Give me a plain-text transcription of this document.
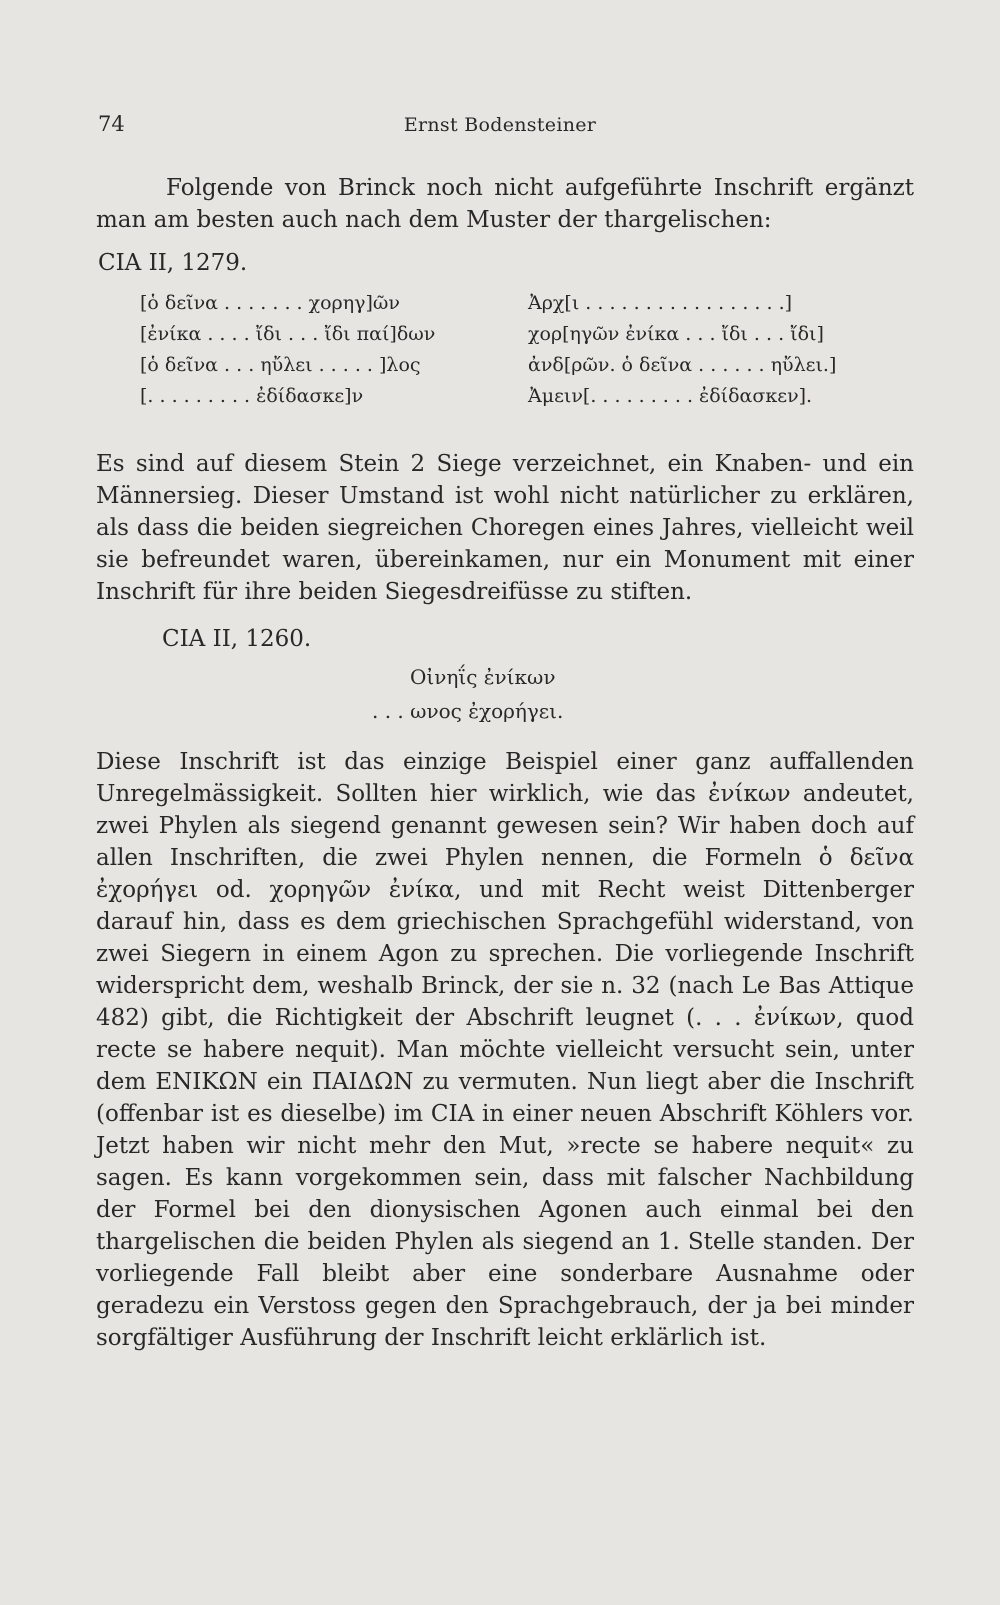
74	Ernst Bodensteiner

Folgende von Brinck noch nicht aufgeführte Inschrift ergänzt man am besten auch nach dem Muster der thargelischen:

CIA II, 1279.
[ὁ δεῖνα . . . . . . . χορηγ]ῶν	Ἀρχ[ι . . . . . . . . . . . . . . . . .]
[ἐνίκα . . . . ἴδι . . . ἴδι παί]δων	χορ[ηγῶν ἐνίκα . . . ἴδι . . . ἴδι]
[ὁ δεῖνα . . . ηὔλει . . . . . ]λος	ἀνδ[ρῶν. ὁ δεῖνα . . . . . . ηὔλει.]
[. . . . . . . . . ἐδίδασκε]ν	Ἀμειν[. . . . . . . . . ἐδίδασκεν].

Es sind auf diesem Stein 2 Siege verzeichnet, ein Knaben- und ein Männersieg. Dieser Umstand ist wohl nicht natürlicher zu erklären, als dass die beiden siegreichen Choregen eines Jahres, vielleicht weil sie befreundet waren, übereinkamen, nur ein Monument mit einer Inschrift für ihre beiden Siegesdreifüsse zu stiften.

CIA II, 1260.
Οἰνηΐς ἐνίκων
. . . ωνος ἐχορήγει.

Diese Inschrift ist das einzige Beispiel einer ganz auffallenden Unregelmässigkeit. Sollten hier wirklich, wie das ἐνίκων andeutet, zwei Phylen als siegend genannt gewesen sein? Wir haben doch auf allen Inschriften, die zwei Phylen nennen, die Formeln ὁ δεῖνα ἐχορήγει od. χορηγῶν ἐνίκα, und mit Recht weist Dittenberger darauf hin, dass es dem griechischen Sprachgefühl widerstand, von zwei Siegern in einem Agon zu sprechen. Die vorliegende Inschrift widerspricht dem, weshalb Brinck, der sie n. 32 (nach Le Bas Attique 482) gibt, die Richtigkeit der Abschrift leugnet (. . . ἐνίκων, quod recte se habere nequit). Man möchte vielleicht versucht sein, unter dem ΕΝΙΚΩΝ ein ΠΑΙΔΩΝ zu vermuten. Nun liegt aber die Inschrift (offenbar ist es dieselbe) im CIA in einer neuen Abschrift Köhlers vor. Jetzt haben wir nicht mehr den Mut, »recte se habere nequit« zu sagen. Es kann vorgekommen sein, dass mit falscher Nachbildung der Formel bei den dionysischen Agonen auch einmal bei den thargelischen die beiden Phylen als siegend an 1. Stelle standen. Der vorliegende Fall bleibt aber eine sonderbare Ausnahme oder geradezu ein Verstoss gegen den Sprachgebrauch, der ja bei minder sorgfältiger Ausführung der Inschrift leicht erklärlich ist.
